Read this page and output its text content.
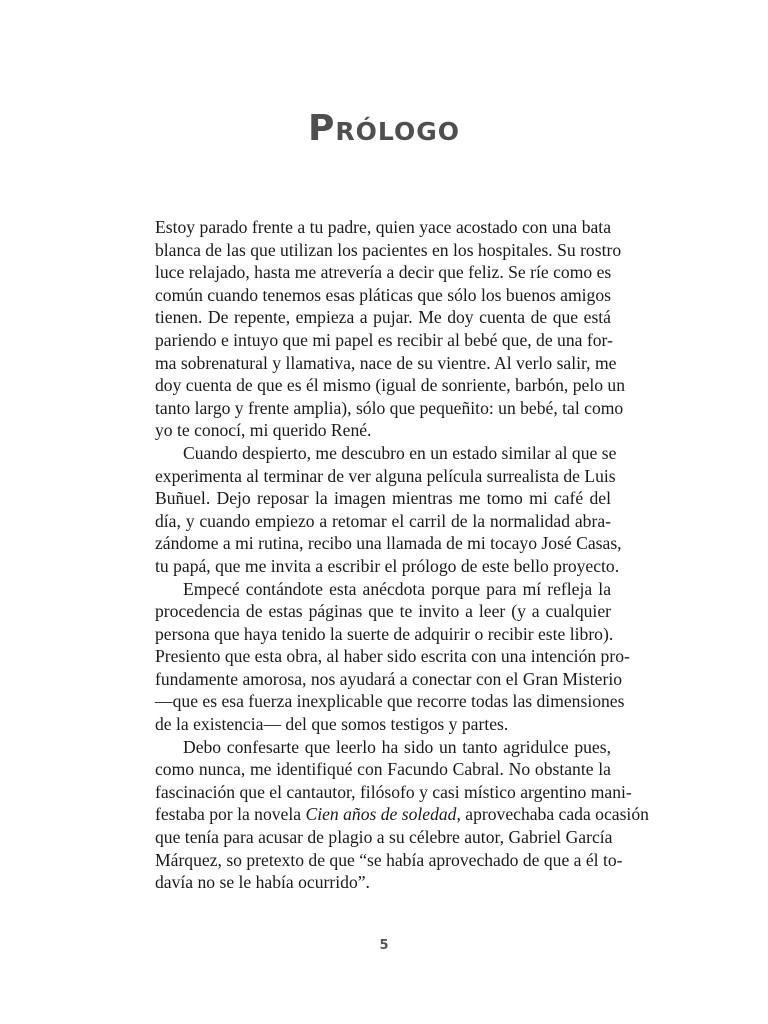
Prólogo
Estoy parado frente a tu padre, quien yace acostado con una bata
blanca de las que utilizan los pacientes en los hospitales. Su rostro
luce relajado, hasta me atrevería a decir que feliz. Se ríe como es
común cuando tenemos esas pláticas que sólo los buenos amigos
tienen. De repente, empieza a pujar. Me doy cuenta de que está
pariendo e intuyo que mi papel es recibir al bebé que, de una for-
ma sobrenatural y llamativa, nace de su vientre. Al verlo salir, me
doy cuenta de que es él mismo (igual de sonriente, barbón, pelo un
tanto largo y frente amplia), sólo que pequeñito: un bebé, tal como
yo te conocí, mi querido René.
Cuando despierto, me descubro en un estado similar al que se
experimenta al terminar de ver alguna película surrealista de Luis
Buñuel. Dejo reposar la imagen mientras me tomo mi café del
día, y cuando empiezo a retomar el carril de la normalidad abra-
zándome a mi rutina, recibo una llamada de mi tocayo José Casas,
tu papá, que me invita a escribir el prólogo de este bello proyecto.
Empecé contándote esta anécdota porque para mí refleja la
procedencia de estas páginas que te invito a leer (y a cualquier
persona que haya tenido la suerte de adquirir o recibir este libro).
Presiento que esta obra, al haber sido escrita con una intención pro-
fundamente amorosa, nos ayudará a conectar con el Gran Misterio
—que es esa fuerza inexplicable que recorre todas las dimensiones
de la existencia— del que somos testigos y partes.
Debo confesarte que leerlo ha sido un tanto agridulce pues,
como nunca, me identifiqué con Facundo Cabral. No obstante la
fascinación que el cantautor, filósofo y casi místico argentino mani-
festaba por la novela Cien años de soledad, aprovechaba cada ocasión
que tenía para acusar de plagio a su célebre autor, Gabriel García
Márquez, so pretexto de que “se había aprovechado de que a él to-
davía no se le había ocurrido”.
5
